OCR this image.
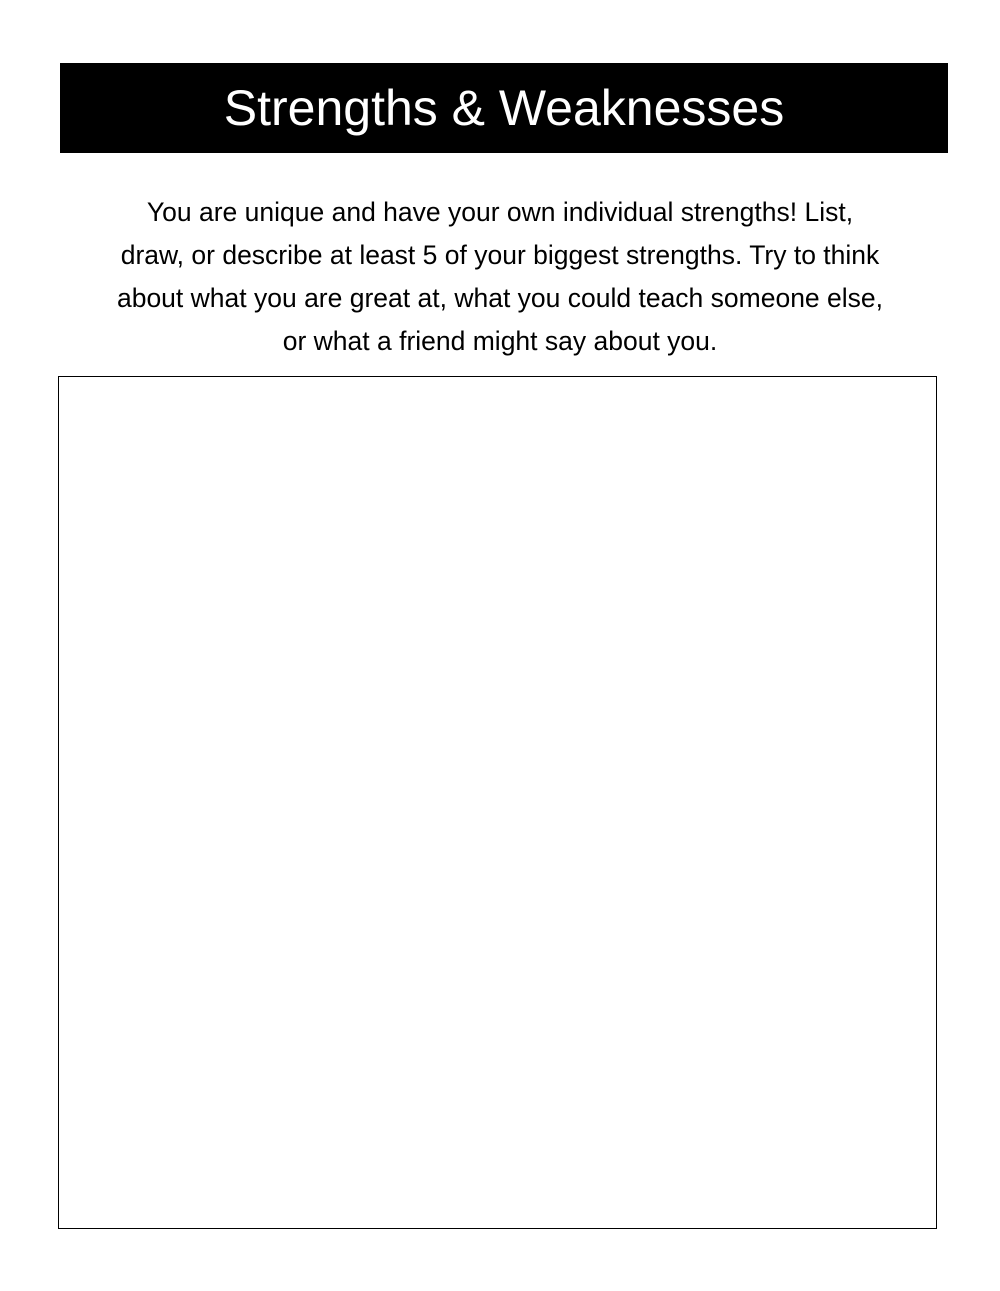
Strengths & Weaknesses

You are unique and have your own individual strengths! List,
draw, or describe at least 5 of your biggest strengths. Try to think
about what you are great at, what you could teach someone else,
or what a friend might say about you.
